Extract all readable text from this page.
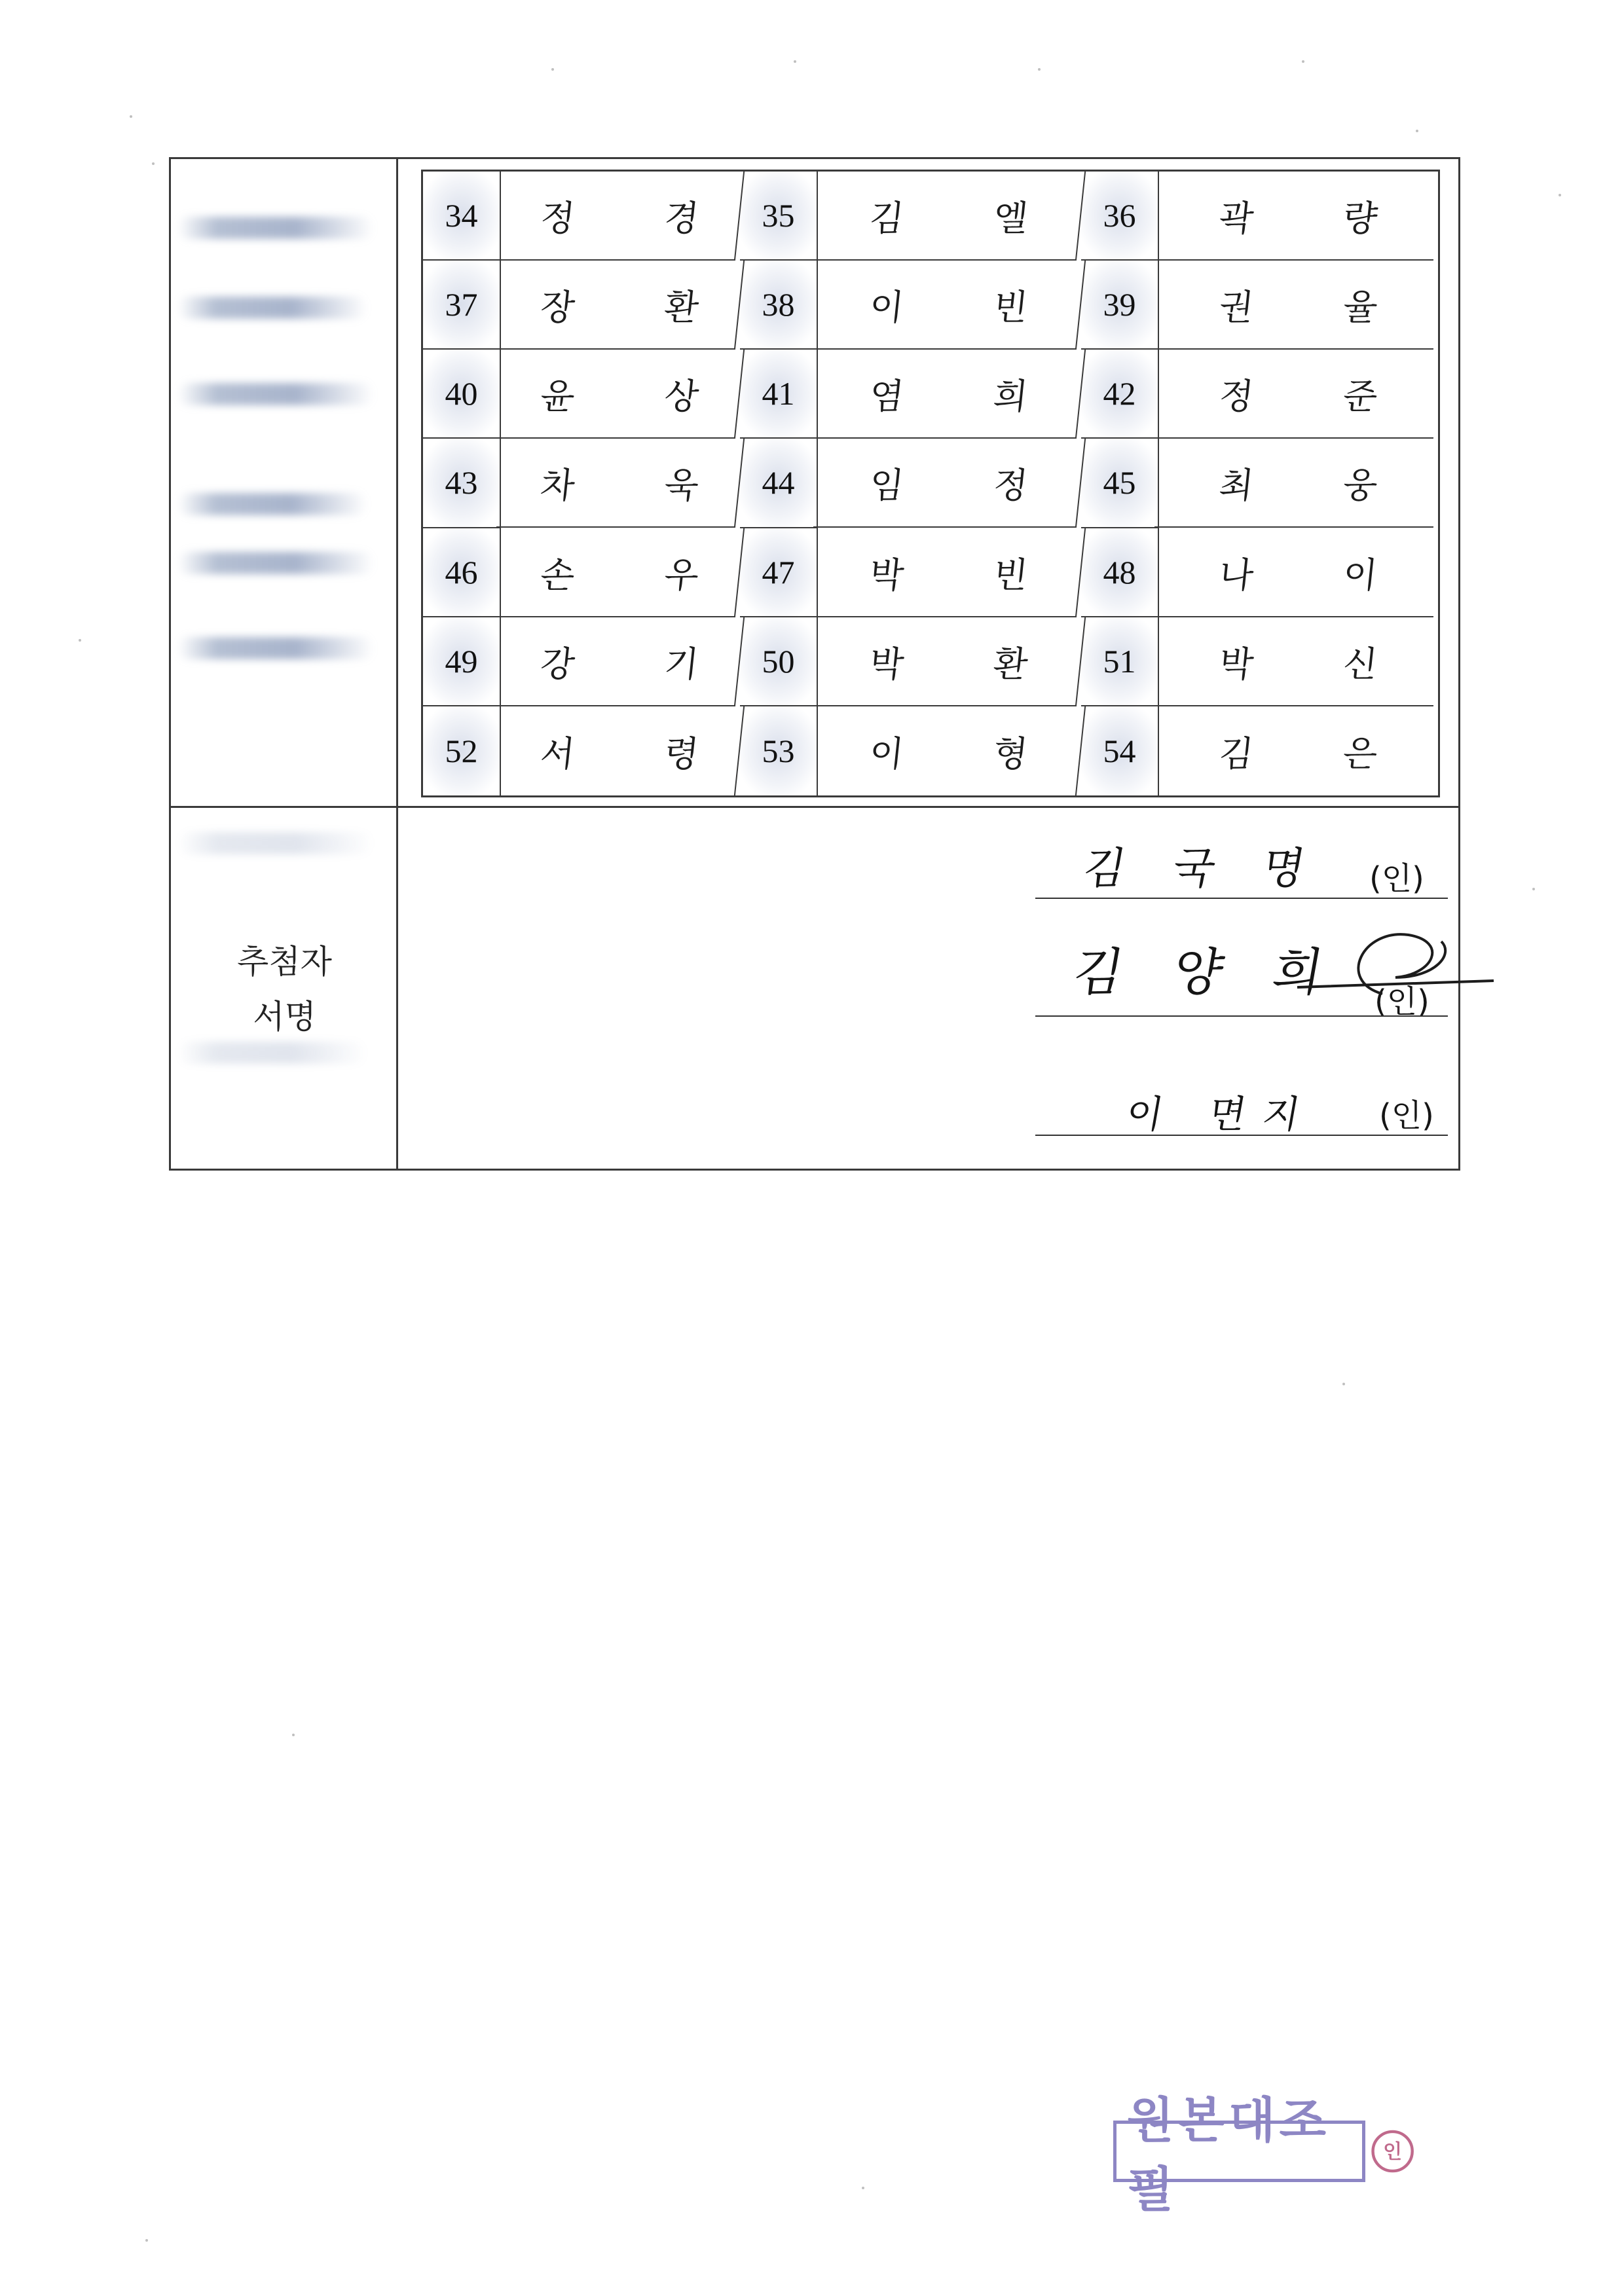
34	정 경 35	김 엘	36	곽 량
37	장 환 38	이 빈	39	권 율
40	윤 상 41	염 희	42	정 준
43	차 욱 44	임 정	45	최 웅
46	손 우 47	박 빈	48	나 이
49	강 기 50	박 환	51	박 신
52	서 령 53	이 형	54	김 은
추첨자
서명
김 국 명 (인)
김 양 희 (인)
이 면지 (인)
원본대조필
인
